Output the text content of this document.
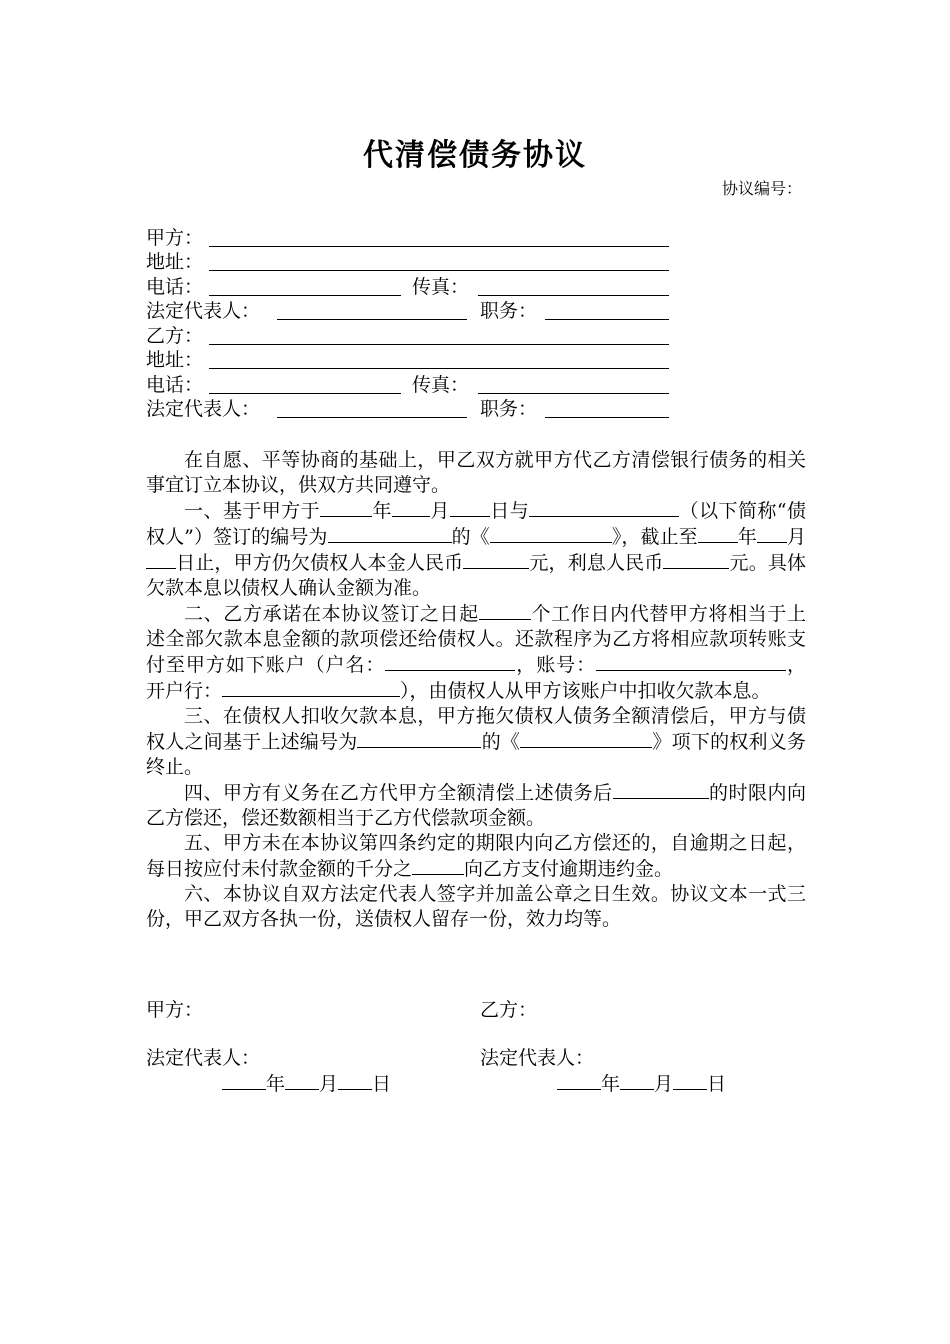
代清偿债务协议
协议编号：
甲方：
地址：
电话：	传真：
法定代表人：	职务：
乙方：
地址：
电话：	传真：
法定代表人：	职务：

在自愿、平等协商的基础上，甲乙双方就甲方代乙方清偿银行债务的相关事宜订立本协议，供双方共同遵守。

一、基于甲方于	年 月 日与	（以下简称“债权人”）签订的编号为	的《	》，截止至 年 月日止，甲方仍欠债权人本金人民币	元，利息人民币	元。具体欠款本息以债权人确认金额为准。

二、乙方承诺在本协议签订之日起	个工作日内代替甲方将相当于上述全部欠款本息金额的款项偿还给债权人。还款程序为乙方将相应款项转账支付至甲方如下账户（户名：	，账号：	，开户行：	），由债权人从甲方该账户中扣收欠款本息。

三、在债权人扣收欠款本息，甲方拖欠债权人债务全额清偿后，甲方与债权人之间基于上述编号为	的《	》项下的权利义务终止。

四、甲方有义务在乙方代甲方全额清偿上述债务后	的时限内向乙方偿还，偿还数额相当于乙方代偿款项金额。

五、甲方未在本协议第四条约定的期限内向乙方偿还的，自逾期之日起，每日按应付未付款金额的千分之	向乙方支付逾期违约金。

六、本协议自双方法定代表人签字并加盖公章之日生效。协议文本一式三份，甲乙双方各执一份，送债权人留存一份，效力均等。

甲方：	乙方：
法定代表人：	法定代表人：
年 月 日	年 月 日
